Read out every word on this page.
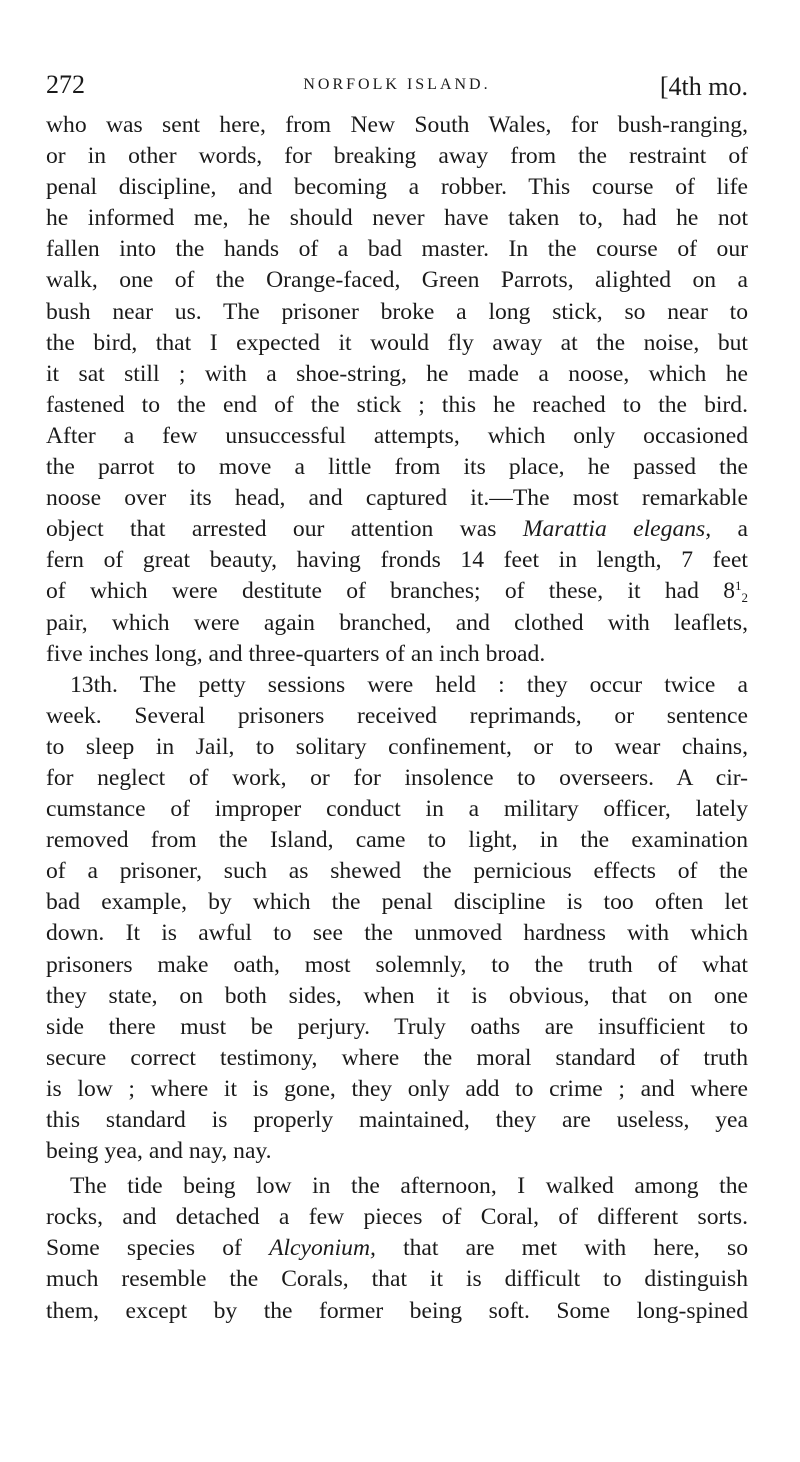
272	NORFOLK ISLAND.	[4th mo.
who was sent here, from New South Wales, for bush-ranging,
or in other words, for breaking away from the restraint of
penal discipline, and becoming a robber. This course of life
he informed me, he should never have taken to, had he not
fallen into the hands of a bad master. In the course of our
walk, one of the Orange-faced, Green Parrots, alighted on a
bush near us. The prisoner broke a long stick, so near to
the bird, that I expected it would fly away at the noise, but
it sat still ; with a shoe-string, he made a noose, which he
fastened to the end of the stick ; this he reached to the bird.
After a few unsuccessful attempts, which only occasioned
the parrot to move a little from its place, he passed the
noose over its head, and captured it.—The most remarkable
object that arrested our attention was Marattia elegans, a
fern of great beauty, having fronds 14 feet in length, 7 feet
of which were destitute of branches; of these, it had 812
pair, which were again branched, and clothed with leaflets,
five inches long, and three-quarters of an inch broad.
13th. The petty sessions were held : they occur twice a
week. Several prisoners received reprimands, or sentence
to sleep in Jail, to solitary confinement, or to wear chains,
for neglect of work, or for insolence to overseers. A cir-
cumstance of improper conduct in a military officer, lately
removed from the Island, came to light, in the examination
of a prisoner, such as shewed the pernicious effects of the
bad example, by which the penal discipline is too often let
down. It is awful to see the unmoved hardness with which
prisoners make oath, most solemnly, to the truth of what
they state, on both sides, when it is obvious, that on one
side there must be perjury. Truly oaths are insufficient to
secure correct testimony, where the moral standard of truth
is low ; where it is gone, they only add to crime ; and where
this standard is properly maintained, they are useless, yea
being yea, and nay, nay.
The tide being low in the afternoon, I walked among the
rocks, and detached a few pieces of Coral, of different sorts.
Some species of Alcyonium, that are met with here, so
much resemble the Corals, that it is difficult to distinguish
them, except by the former being soft. Some long-spined
